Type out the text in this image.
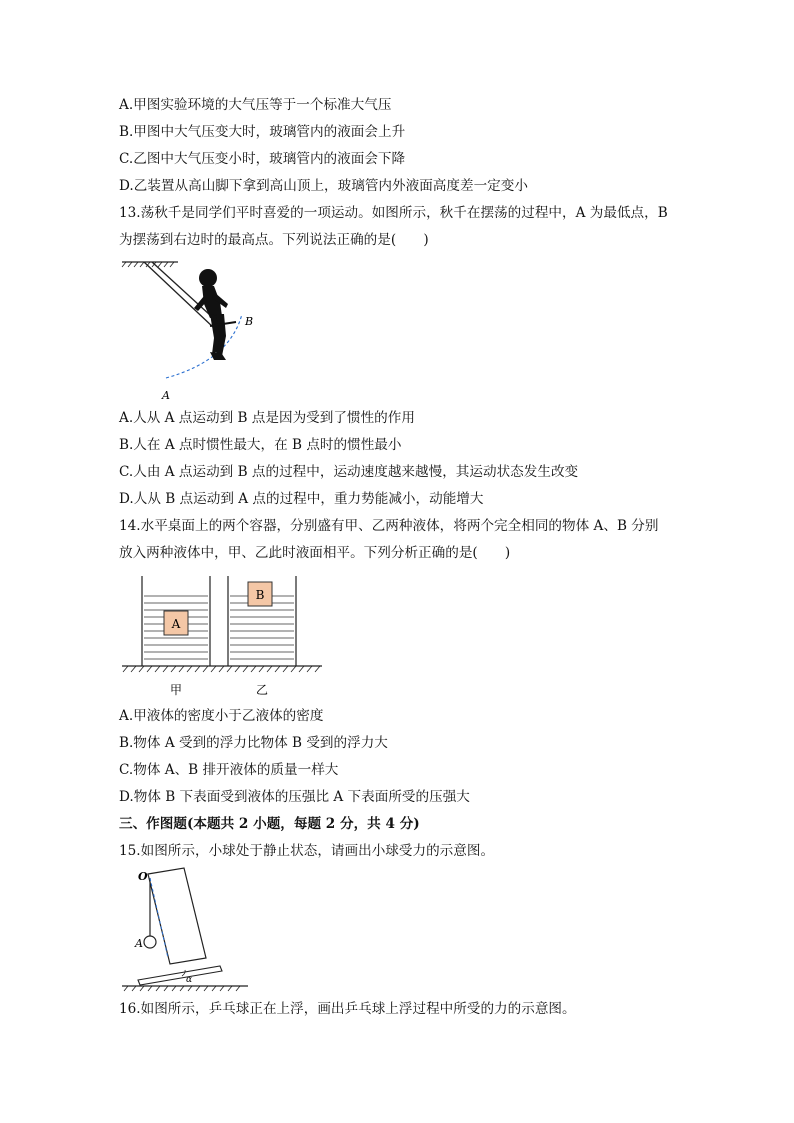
A.甲图实验环境的大气压等于一个标准大气压
B.甲图中大气压变大时，玻璃管内的液面会上升
C.乙图中大气压变小时，玻璃管内的液面会下降
D.乙装置从高山脚下拿到高山顶上，玻璃管内外液面高度差一定变小
13.荡秋千是同学们平时喜爱的一项运动。如图所示，秋千在摆荡的过程中，A 为最低点，B
为摆荡到右边时的最高点。下列说法正确的是(　　)
B
A
A.人从 A 点运动到 B 点是因为受到了惯性的作用
B.人在 A 点时惯性最大，在 B 点时的惯性最小
C.人由 A 点运动到 B 点的过程中，运动速度越来越慢，其运动状态发生改变
D.人从 B 点运动到 A 点的过程中，重力势能减小，动能增大
14.水平桌面上的两个容器，分别盛有甲、乙两种液体，将两个完全相同的物体 A、B 分别
放入两种液体中，甲、乙此时液面相平。下列分析正确的是(　　)
A
B
甲	乙
A.甲液体的密度小于乙液体的密度
B.物体 A 受到的浮力比物体 B 受到的浮力大
C.物体 A、B 排开液体的质量一样大
D.物体 B 下表面受到液体的压强比 A 下表面所受的压强大
三、作图题(本题共 2 小题，每题 2 分，共 4 分)
15.如图所示，小球处于静止状态，请画出小球受力的示意图。
α
O
A
16.如图所示，乒乓球正在上浮，画出乒乓球上浮过程中所受的力的示意图。
